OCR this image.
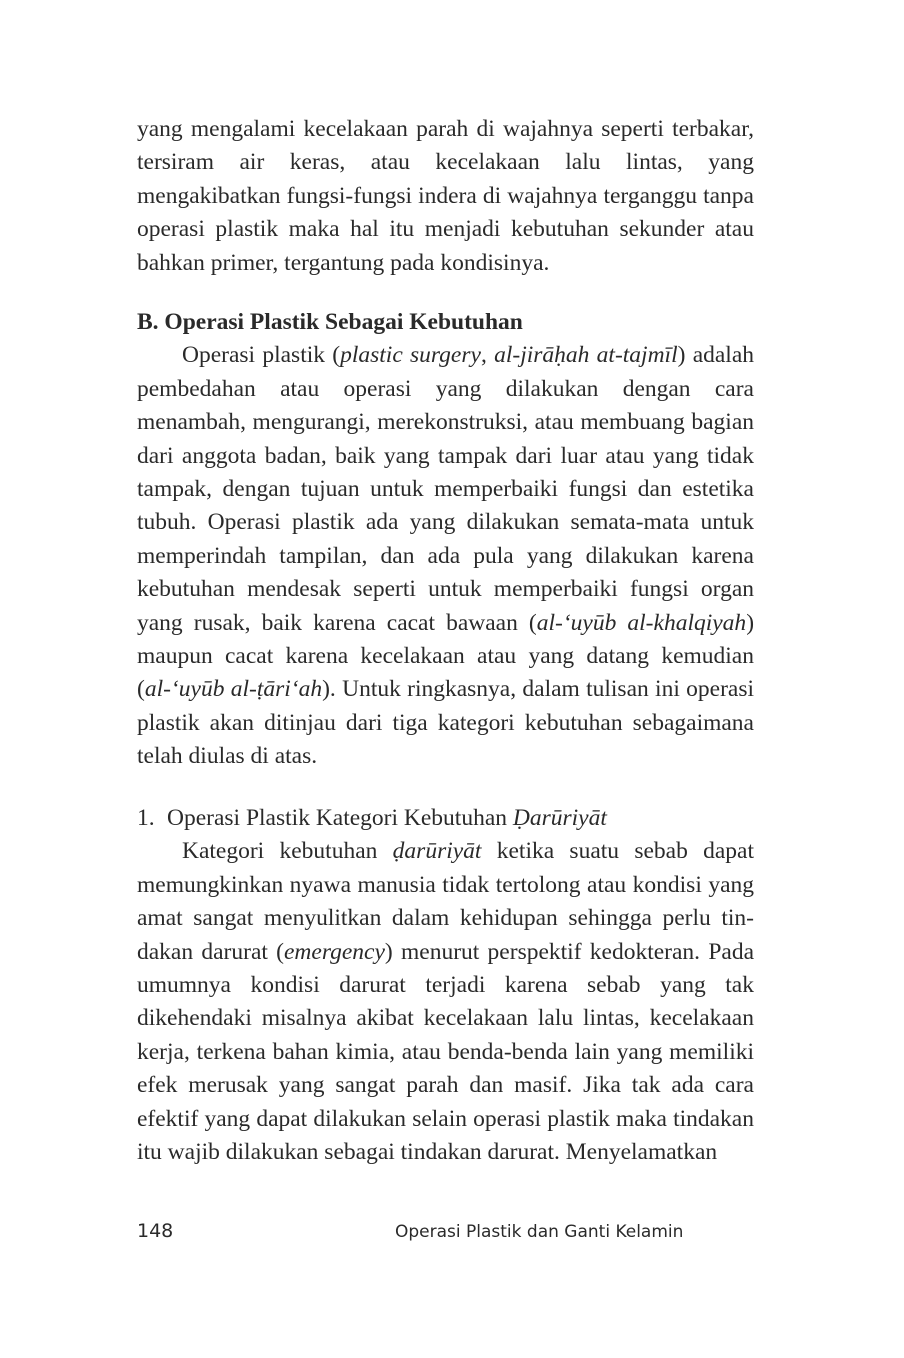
yang mengalami kecelakaan parah di wajahnya seperti terbakar, tersiram air keras, atau kecelakaan lalu lintas, yang mengakibatkan fungsi-fungsi indera di wajahnya terganggu tanpa operasi plastik maka hal itu menjadi kebutuhan sekunder atau bahkan primer, tergantung pada kondisinya.

B. Operasi Plastik Sebagai Kebutuhan

Operasi plastik (plastic surgery, al-jirāḥah at-tajmīl) adalah pembedahan atau operasi yang dilakukan dengan cara menambah, mengurangi, merekonstruksi, atau membuang bagian dari anggota badan, baik yang tampak dari luar atau yang tidak tampak, dengan tujuan untuk memperbaiki fungsi dan estetika tubuh. Operasi plastik ada yang dilakukan semata-mata untuk memperindah tampilan, dan ada pula yang dilakukan karena kebutuhan mendesak seperti untuk memperbaiki fungsi organ yang rusak, baik karena cacat bawaan (al-‘uyūb al-khalqiyah) maupun cacat karena kecelakaan atau yang datang kemudian (al-‘uyūb al-ṭāri‘ah). Untuk ringkasnya, dalam tulisan ini operasi plastik akan ditinjau dari tiga kategori kebutuhan sebagaimana telah diulas di atas.

1. Operasi Plastik Kategori Kebutuhan Ḍarūriyāt

Kategori kebutuhan ḍarūriyāt ketika suatu sebab dapat memungkinkan nyawa manusia tidak tertolong atau kondisi yang amat sangat menyulitkan dalam kehidupan sehingga perlu tin-dakan darurat (emergency) menurut perspektif kedokteran. Pada umumnya kondisi darurat terjadi karena sebab yang tak dikehendaki misalnya akibat kecelakaan lalu lintas, kecelakaan kerja, terkena bahan kimia, atau benda-benda lain yang memiliki efek merusak yang sangat parah dan masif. Jika tak ada cara efektif yang dapat dilakukan selain operasi plastik maka tindakan itu wajib dilakukan sebagai tindakan darurat. Menyelamatkan

148	Operasi Plastik dan Ganti Kelamin
